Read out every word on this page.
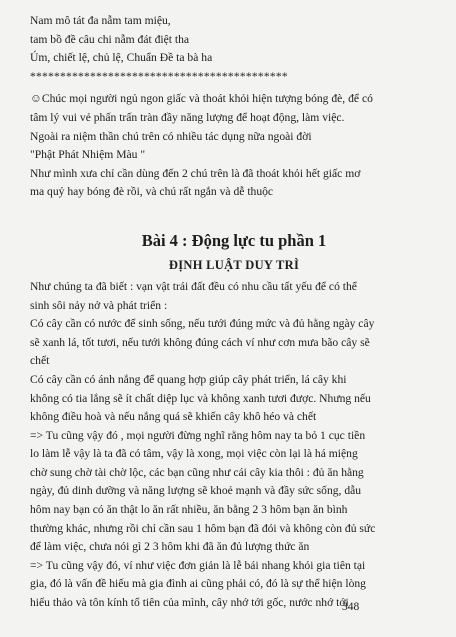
Nam mô tát đa nẫm tam miệu,
tam bồ đề câu chi nẫm đát điệt tha
Úm, chiết lệ, chủ lệ, Chuẩn Đề ta bà ha
*******************************************
☺Chúc mọi người ngủ ngon giấc và thoát khỏi hiện tượng bóng đè, để có
tâm lý vui vẻ phấn trấn tràn đầy năng lượng để hoạt động, làm việc.
Ngoài ra niệm thần chú trên có nhiều tác dụng nữa ngoài đời
"Phật Phát Nhiệm Màu "
Như mình xưa chỉ cần dùng đến 2 chú trên là đã thoát khỏi hết giấc mơ
ma quỷ hay bóng đè rồi, và chú rất ngắn và dễ thuộc
Bài 4 : Động lực tu phần 1
ĐỊNH LUẬT DUY TRÌ
Như chúng ta đã biết : vạn vật trái đất đều có nhu cầu tất yếu để có thể
sinh sôi nảy nở và phát triển :
Có cây cần có nước để sinh sống, nếu tưới đúng mức và đủ hằng ngày cây
sẽ xanh lá, tốt tươi, nếu tưới không đúng cách ví như cơn mưa bão cây sẽ
chết
Có cây cần có ánh nắng để quang hợp giúp cây phát triển, lá cây khi
không có tia lắng sẽ ít chất diệp lục và không xanh tươi được. Nhưng nếu
không điều hoà và nếu nắng quá sẽ khiến cây khô héo và chết
=> Tu cũng vậy đó , mọi người đừng nghĩ rằng hôm nay ta bỏ 1 cục tiền
lo làm lễ vậy là ta đã có tâm, vậy là xong, mọi việc còn lại là há miệng
chờ sung chờ tài chờ lộc, các bạn cũng như cái cây kia thôi : đủ ăn hằng
ngày, đủ dinh dưỡng và năng lượng sẽ khoẻ mạnh và đầy sức sống, dẫu
hôm nay bạn có ăn thật lo ăn rất nhiều, ăn bằng 2 3 hôm bạn ăn bình
thường khác, nhưng rồi chỉ cần sau 1 hôm bạn đã đói và không còn đủ sức
để làm việc, chưa nói gì 2 3 hôm khi đã ăn đủ lượng thức ăn
=> Tu cũng vậy đó, ví như việc đơn giản là lễ bái nhang khói gia tiên tại
gia, đó là vấn đề hiếu mà gia đình ai cũng phải có, đó là sự thể hiện lòng
hiếu thảo và tôn kính tổ tiên của mình, cây nhớ tới gốc, nước nhớ tới
348
